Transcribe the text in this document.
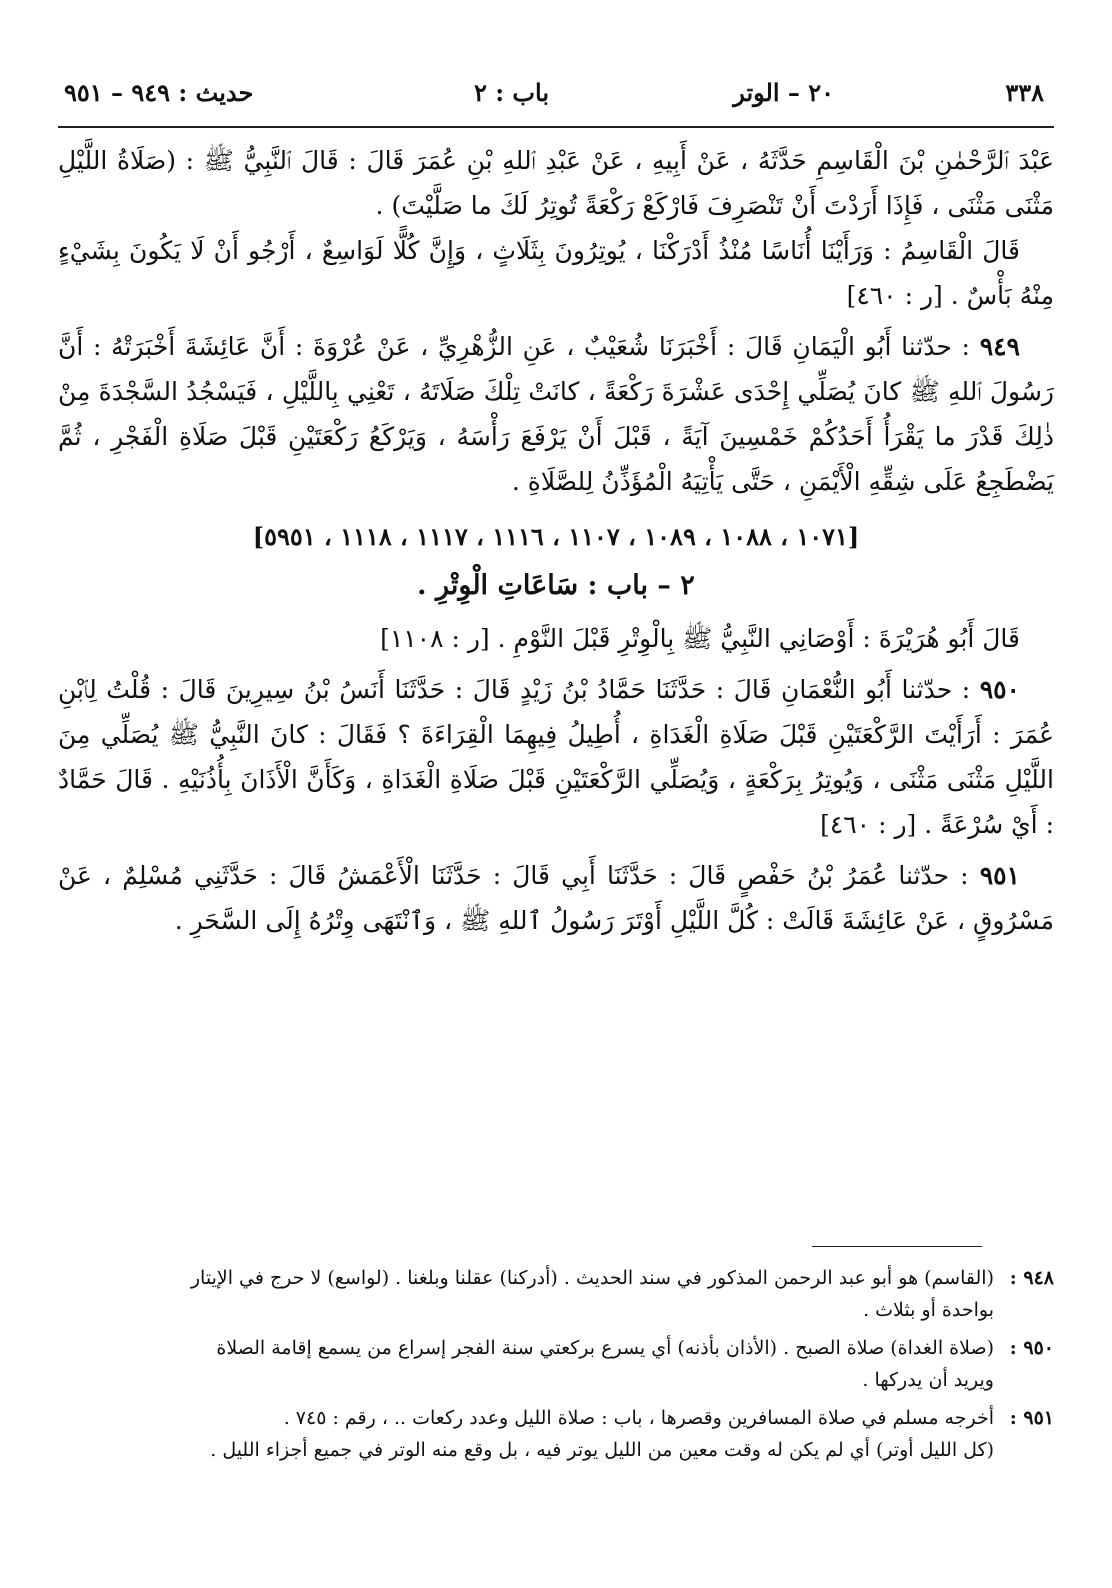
٣٣٨
٢٠ – الوتر
باب : ٢
حديث : ٩٤٩ – ٩٥١

عَبْدَ ٱلرَّحْمٰنِ بْنَ الْقَاسِمِ حَدَّثَهُ ، عَنْ أَبِيهِ ، عَنْ عَبْدِ ٱللهِ بْنِ عُمَرَ قَالَ : قَالَ ٱلنَّبِيُّ ﷺ : (صَلَاةُ اللَّيْلِ مَثْنَى مَثْنَى ، فَإِذَا أَرَدْتَ أَنْ تَنْصَرِفَ فَارْكَعْ رَكْعَةً تُوتِرُ لَكَ ما صَلَّيْتَ) .

قَالَ الْقَاسِمُ : وَرَأَيْنَا أُنَاسًا مُنْذُ أَدْرَكْنَا ، يُوتِرُونَ بِثَلَاثٍ ، وَإِنَّ كُلًّا لَوَاسِعٌ ، أَرْجُو أَنْ لَا يَكُونَ بِشَيْءٍ مِنْهُ بَأْسٌ . [ر : ٤٦٠]

٩٤٩ : حدّثنا أَبُو الْيَمَانِ قَالَ : أَخْبَرَنَا شُعَيْبٌ ، عَنِ الزُّهْرِيِّ ، عَنْ عُرْوَةَ : أَنَّ عَائِشَةَ أَخْبَرَتْهُ : أَنَّ رَسُولَ ٱللهِ ﷺ كانَ يُصَلِّي إِحْدَى عَشْرَةَ رَكْعَةً ، كانَتْ تِلْكَ صَلَاتَهُ ، تَعْنِي بِاللَّيْلِ ، فَيَسْجُدُ السَّجْدَةَ مِنْ ذٰلِكَ قَدْرَ ما يَقْرَأُ أَحَدُكُمْ خَمْسِينَ آيَةً ، قَبْلَ أَنْ يَرْفَعَ رَأْسَهُ ، وَيَرْكَعُ رَكْعَتَيْنِ قَبْلَ صَلَاةِ الْفَجْرِ ، ثُمَّ يَضْطَجِعُ عَلَى شِقِّهِ الْأَيْمَنِ ، حَتَّى يَأْتِيَهُ الْمُؤَذِّنُ لِلصَّلَاةِ .

[١٠٧١ ، ١٠٨٨ ، ١٠٨٩ ، ١١٠٧ ، ١١١٦ ، ١١١٧ ، ١١١٨ ، ٥٩٥١]

٢ – باب : سَاعَاتِ الْوِتْرِ .

قَالَ أَبُو هُرَيْرَةَ : أَوْصَانِي النَّبِيُّ ﷺ بِالْوِتْرِ قَبْلَ النَّوْمِ . [ر : ١١٠٨]

٩٥٠ : حدّثنا أَبُو النُّعْمَانِ قَالَ : حَدَّثَنَا حَمَّادُ بْنُ زَيْدٍ قَالَ : حَدَّثَنَا أَنَسُ بْنُ سِيرِينَ قَالَ : قُلْتُ لِٱبْنِ عُمَرَ : أَرَأَيْتَ الرَّكْعَتَيْنِ قَبْلَ صَلَاةِ الْغَدَاةِ ، أُطِيلُ فِيهِمَا الْقِرَاءَةَ ؟ فَقَالَ : كانَ النَّبِيُّ ﷺ يُصَلِّي مِنَ اللَّيْلِ مَثْنَى مَثْنَى ، وَيُوتِرُ بِرَكْعَةٍ ، وَيُصَلِّي الرَّكْعَتَيْنِ قَبْلَ صَلَاةِ الْغَدَاةِ ، وَكَأَنَّ الْأَذَانَ بِأُذُنَيْهِ . قَالَ حَمَّادٌ : أَيْ سُرْعَةً . [ر : ٤٦٠]

٩٥١ : حدّثنا عُمَرُ بْنُ حَفْصٍ قَالَ : حَدَّثَنَا أَبِي قَالَ : حَدَّثَنَا الْأَعْمَشُ قَالَ : حَدَّثَنِي مُسْلِمٌ ، عَنْ مَسْرُوقٍ ، عَنْ عَائِشَةَ قَالَتْ : كُلَّ اللَّيْلِ أَوْتَرَ رَسُولُ ٱللهِ ﷺ ، وَٱنْتَهَى وِتْرُهُ إِلَى السَّحَرِ .

٩٤٨ :
(القاسم) هو أبو عبد الرحمن المذكور في سند الحديث . (أدركنا) عقلنا وبلغنا . (لواسع) لا حرج في الإيتار
بواحدة أو بثلاث .
٩٥٠ :
(صلاة الغداة) صلاة الصبح . (الأذان بأذنه) أي يسرع بركعتي سنة الفجر إسراع من يسمع إقامة الصلاة
ويريد أن يدركها .
٩٥١ :
أخرجه مسلم في صلاة المسافرين وقصرها ، باب : صلاة الليل وعدد ركعات .. ، رقم : ٧٤٥ .
(كل الليل أوتر) أي لم يكن له وقت معين من الليل يوتر فيه ، بل وقع منه الوتر في جميع أجزاء الليل .
